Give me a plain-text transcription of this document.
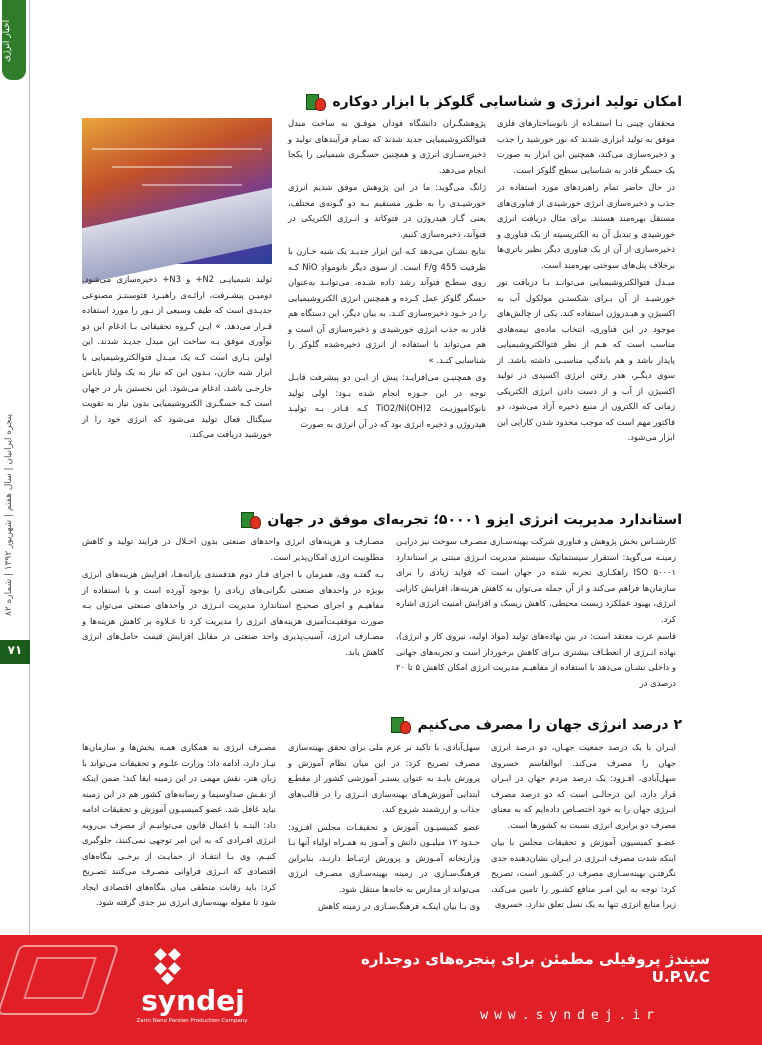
اخبار انرژی
پنجره ایرانیان | سال هفتم | شهریور ۱۳۹۲ | شماره ۸۲
۷۱
امکان تولید انرژی و شناسایی گلوکز با ابزار دوکاره

محققان چینی بـا استفـاده از نانوساختارهای فلزی موفق به تولید ابزاری شدند که نور خورشید را جذب و ذخیره‌سازی می‌کند، همچنین این ابزار به صورت یک حسگر قادر به شناسایی سطح گلوکز است.

در حال حاضر تمام راهبردهای مورد استفاده در جذب و ذخیره‌سازی انرژی خورشیدی از فناوری‌های مستقل بهره‌مند هستند. برای مثال دریافت انرژی خورشیدی و تبدیل آن به الکتریسیته از یک فناوری و ذخیره‌سازی از آن از یک فناوری دیگر نظیر باتری‌ها برخلاف پنل‌های سوختی بهره‌مند است.

مبـدل فتوالکتروشیمیایی می‌توانـد بـا دریافت نور خورشیـد از آن بـرای شکستـن مولکول آب به اکسیژن و هیـدروژن استفاده کند. یکی از چالش‌های موجود در این فناوری، انتخاب ماده‌ی نیمه‌هادی مناسب است که هـم از نظر فتوالکتروشیمیایی پایدار باشد و هم باندگپ مناسبـی داشته باشد. از سوی دیگـر، هدر رفتن انرژی اکسیدی در تولید اکسیژن از آب و از دست دادن انرژی الکتریکی زمانی که الکترون از منبع ذخیره آزاد می‌شود، دو فاکتور مهم است که موجب محدود شدن کارایی این ابزار می‌شود.

پژوهشگـران دانشگاه فودان موفـق به ساخت مبدل فتوالکتروشیمیایی جدید شدند که تمـام فرآیندهای تولید و ذخیره‌سـازی انرژی و همچنین حسگـری شیمیایی را یکجا انجام می‌دهد.

ژانگ می‌گوید: ما در این پژوهش موفق شدیم انرژی خورشیـدی را به طـور مستقیم بـه دو گـونه‌ی مختلف، یعنی گـاز هیدروژن در فتوکاتد و انـرژی الکتریکی در فتوآند، ذخیره‌سازی کنیم.

نتایج نشـان می‌دهد کـه این ابزار جدیـد یک شبه خـازن با ظرفیت 455 F/g است. از سوی دیگر نانوموادِ NiO کـه روی سطـح فتوآند رشد داده شـده، می‌توانـد به‌عنوان حسگر گلوکز عمل کـرده و همچنین انرژی الکتروشیمیایی را در خـود ذخیره‌سازی کنـد. به بیان دیگر، این دستگاه هم قادر به جذب انرژی خورشیدی و ذخیره‌سازی آن است و هم می‌تواند با استفاده از انرژی ذخیره‌شده گلوکز را شناسایی کنـد. »

وی همچنیـن می‌افزایـد: پیش از ایـن دو پیشرفت قابـل توجه در این حـوزه انجام شده بـود: اولی تولید نانوکامپوزیـت TiO2/Ni(OH)2 کـه قـادر بـه تولیـد هیدروژن و ذخیره انرژی بود که در آن انرژی به صورت

تولید شیمیایـی N2+ و N3+ ذخیره‌سازی می‌شود. دومیـن پیشـرفت، ارائـه‌ی راهبـرد فتوسنتـز مصنوعی جدیـدی است که طیف وسیعی از نـور را مورد استفاده قـرار می‌دهد. » ایـن گـروه تحقیقاتی بـا ادغام این دو نوآوری موفق بـه ساخت این مبدل جدیـد شدند. این اولین بـاری است کـه یک مبـدل فتوالکتروشیمیایی با ابزار شبه خازن، بـدون این که نیاز به یک ولتاژ بایاس خارجـی باشد، ادغام می‌شود. این نخستین بار در جهان است کـه حسگـری الکتروشیمیایی بدون نیاز به تقویت سیگنال فعال تولید می‌شود که انرژی خود را از خورشید دریافت می‌کند.

استاندارد مدیریت انرژی ایزو ۵۰۰۰۱؛ تجربه‌ای موفق در جهان

کارشنـاس بخش پژوهش و فناوری شرکت بهینه‌سـازی مصـرف سوخت نیز درایـن زمینـه می‌گوید: استقرار سیستماتیک سیستم مدیریت انـرژی مبتنی بر استاندارد ISO ۵۰۰۰۱ راهکـاری تجربه شده در جهان است که فواید زیادی را برای سازمان‌ها فراهم می‌کند و از آن جمله می‌توان به کاهش هزینه‌ها، افزایش کارایی انرژی، بهبود عملکرد زیست محیطی، کاهش ریسک و افزایش امنیت انرژی اشاره کرد.

قاسم عرب معتقد است: در بین نهاده‌های تولید (مواد اولیه، نیروی کار و انرژی)، نهاده انـرژی از انعطـاف بیشتری بـرای کاهش برخوردار است و تجربه‌های جهانی و داخلی نشـان می‌دهد با استفاده از مفاهیـم مدیریت انرژی امکان کاهش ۵ تا ۲۰ درصدی در

مصـارف و هزینه‌های انرژی واحدهای صنعتی بدون اخـلال در فرایند تولید و کاهش مطلوبیت انرژی امکان‌پذیر است.

بـه گفتـه وی، همزمان با اجرای فـاز دوم هدفمندی یارانه‌هـا، افزایش هزینه‌های انرژی بویژه در واحدهای صنعتی نگرانی‌های زیادی را بوجود آورده است و با استفاده از مفاهیـم و اجرای صحیـح استاندارد مدیریت انـرژی در واحدهای صنعتی می‌توان بـه صورت موفقیـت‌آمیزی هزینه‌های انرژی را مدیریت کرد تا عـلاوه بر کاهش هزینه‌ها و مصـارف انرژی، آسیب‌پذیری واحد صنعتی در مقابل افزایش قیمت حامل‌های انرژی کاهش یابد.

۲ درصد انرژی جهان را مصرف می‌کنیم

ایـران با یک درصد جمعیت جهـان، دو درصد انرژی جهان را مصرف می‌کند. ابوالقاسم خسروی سهل‌آبادی، افـزود: یک درصد مردم جهان در ایـران قرار دارد، این درحالـی است که دو درصد مصرف انـرژی جهان را به خود اختصـاص داده‌ایم که به معنای مصرف دو برابری انرژی نسبت به کشورها است.

عضـو کمیسیون آموزش و تحقیقات مجلس با بیان اینکه شدت مصرف انـرژی در ایـران نشان‌دهنده جدی نگرفتـن بهینه‌سـازی مصرف در کشـور است، تصریح کرد: توجه به این امـر منافع کشـور را تامین می‌کند، زیرا منابع انرژی تنها به یک نسل تعلق ندارد. خسروی

سهل‌آبادی، با تاکید بر عزم ملی برای تحقق بهینه‌سازی مصرف تصریح کرد: در این میان نظام آموزش و پرورش بایـد به عنوان بستـر آموزشی کشور از مقطـع ابتدایی آموزش‌هـای بهینه‌سازی انـرژی را در قالب‌های جذاب و ارزشمند شروع کند.

عضو کمیسیـون آموزش و تحقیقـات مجلس افـزود: حـدود ۱۳ میلیـون دانش و آمـوز به همـراه اولیاء آنها بـا وزارتخانه آمـوزش و پرورش ارتبـاط دارنـد، بنابراین فرهنگ‌سـازی در زمینه بهینه‌سـازی مصـرف انرژی می‌تواند از مدارس به خانه‌ها منتقل شود.

وی بـا بیان اینکـه فرهنگ‌سـازی در زمینه کاهش

مصـرف انرژی به همکاری همـه بخش‌ها و سازمان‌ها نیـاز دارد، ادامه داد: وزارت علـوم و تحقیقات می‌تواند با زبان هنر، نقش مهمی در این زمینه ایفا کند؛ ضمن اینکه از نقـش صداوسیما و رسانه‌های کشور هم در این زمینه نباید غافل شد. عضو کمیسیـون آموزش و تحقیقات ادامه داد: البتـه با اعمال قانون می‌توانیـم از مصرف بی‌رویه انرژی افـرادی که به این امر توجهی نمی‌کنند، جلوگیری کنیـم. وی بـا انتقـاد از حمایـت از برخـی بنگاه‌های اقتصادی که انـرژی فراوانی مصـرف می‌کنند تصـریح کرد: باید رقابت منطقی میان بنگاه‌های اقتصادی ایجاد شود تا مقوله بهینه‌سازی انرژی نیز جدی گرفته شود.

syndej
Zarin Nano Parsian Production Company
سیندژ پروفیلی مطمئن برای پنجره‌های دوجداره U.P.V.C
www.syndej.ir
